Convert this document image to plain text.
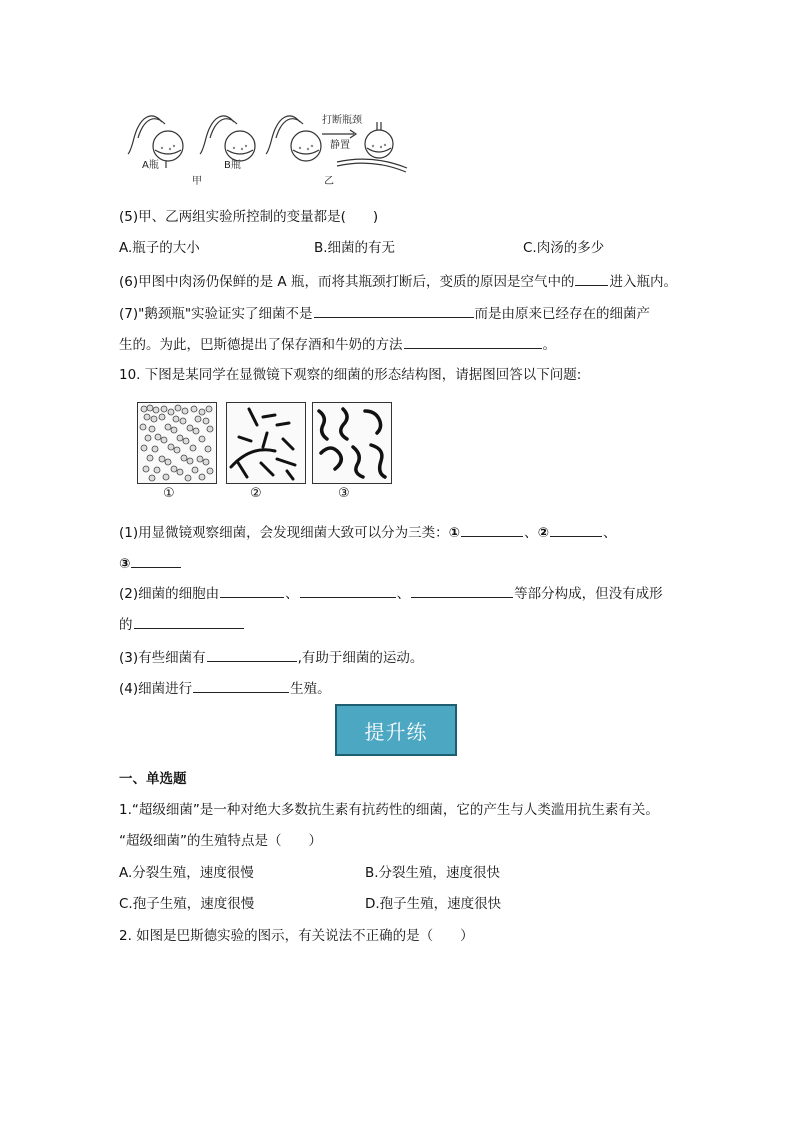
A瓶	B瓶
甲	乙
打断瓶颈
静置
(5)甲、乙两组实验所控制的变量都是(　　)
A.瓶子的大小	B.细菌的有无	C.肉汤的多少
(6)甲图中肉汤仍保鲜的是 A 瓶，而将其瓶颈打断后，变质的原因是空气中的	进入瓶内。
(7)"鹅颈瓶"实验证实了细菌不是	而是由原来已经存在的细菌产
生的。为此，巴斯德提出了保存酒和牛奶的方法	。
10. 下图是某同学在显微镜下观察的细菌的形态结构图，请据图回答以下问题:
①	②	③
(1)用显微镜观察细菌，会发现细菌大致可以分为三类：①	、②	、
③
(2)细菌的细胞由	、	、	等部分构成，但没有成形
的
(3)有些细菌有	,有助于细菌的运动。
(4)细菌进行	生殖。
提升练
一、单选题
1.“超级细菌”是一种对绝大多数抗生素有抗药性的细菌，它的产生与人类滥用抗生素有关。
“超级细菌”的生殖特点是（　　）
A.分裂生殖，速度很慢	B.分裂生殖，速度很快
C.孢子生殖，速度很慢	D.孢子生殖，速度很快
2. 如图是巴斯德实验的图示，有关说法不正确的是（　　）
